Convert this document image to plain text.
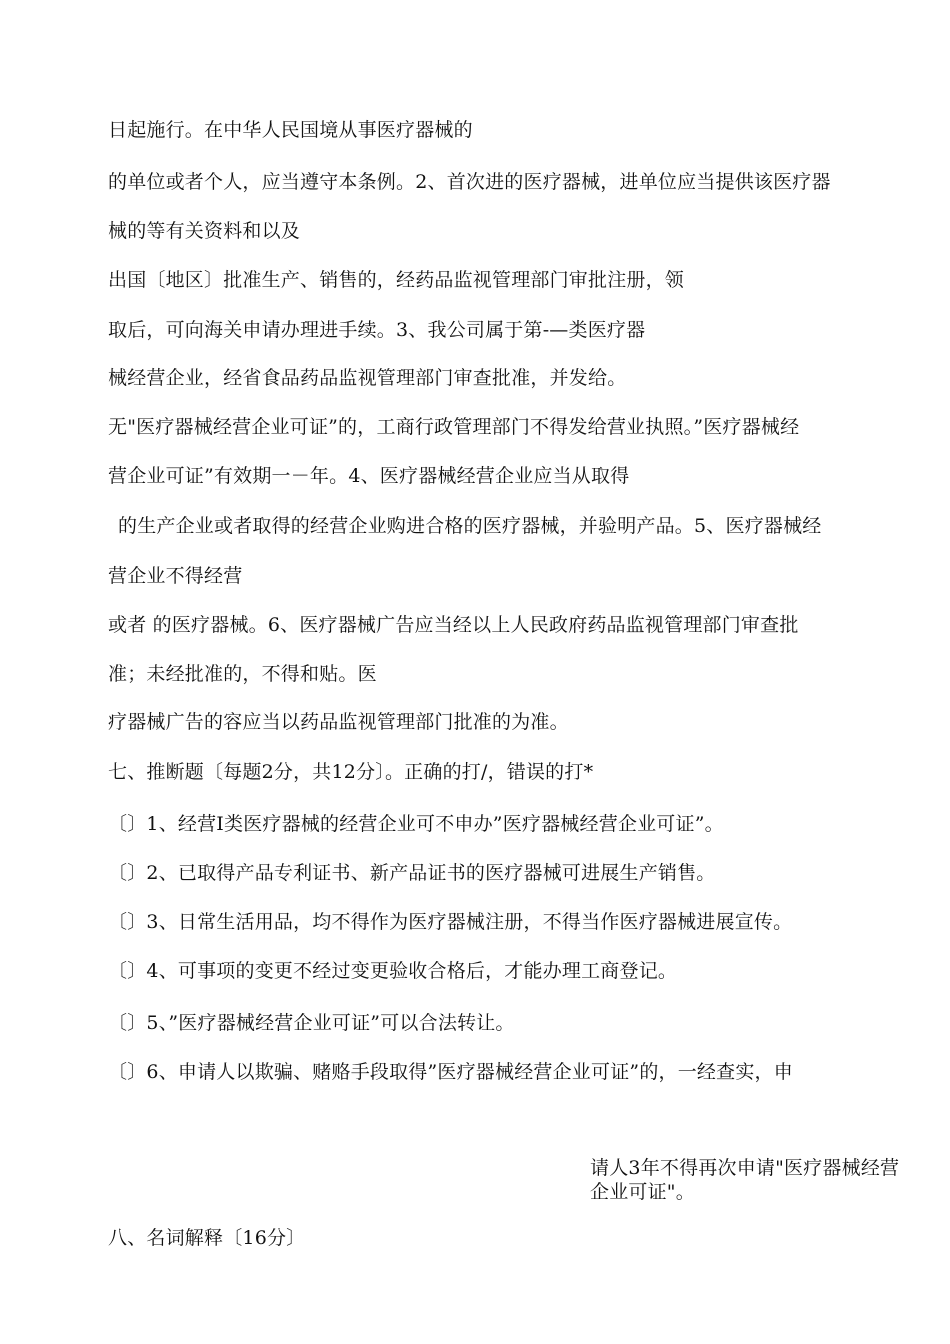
日起施行。在中华人民国境从事医疗器械的
的单位或者个人，应当遵守本条例。2、首次进的医疗器械，进单位应当提供该医疗器
械的等有关资料和以及
出国〔地区〕批准生产、销售的，经药品监视管理部门审批注册，领
取后，可向海关申请办理进手续。3、我公司属于第-—类医疗器
械经营企业，经省食品药品监视管理部门审查批准，并发给。
无"医疗器械经营企业可证”的，工商行政管理部门不得发给营业执照。”医疗器械经
营企业可证”有效期一－年。4、医疗器械经营企业应当从取得
的生产企业或者取得的经营企业购进合格的医疗器械，并验明产品。5、医疗器械经
营企业不得经营
或者 的医疗器械。6、医疗器械广告应当经以上人民政府药品监视管理部门审查批
准；未经批准的，不得和贴。医
疗器械广告的容应当以药品监视管理部门批准的为准。
七、推断题〔每题2分，共12分〕。正确的打/，错误的打*
〔〕1、经营Ⅰ类医疗器械的经营企业可不申办”医疗器械经营企业可证”。
〔〕2、已取得产品专利证书、新产品证书的医疗器械可进展生产销售。
〔〕3、日常生活用品，均不得作为医疗器械注册，不得当作医疗器械进展宣传。
〔〕4、可事项的变更不经过变更验收合格后，才能办理工商登记。
〔〕5、”医疗器械经营企业可证”可以合法转让。
〔〕6、申请人以欺骗、赌赂手段取得”医疗器械经营企业可证”的，一经查实，申
请人3年不得再次申请"医疗器械经营企业可证"。
八、名词解释〔16分〕
